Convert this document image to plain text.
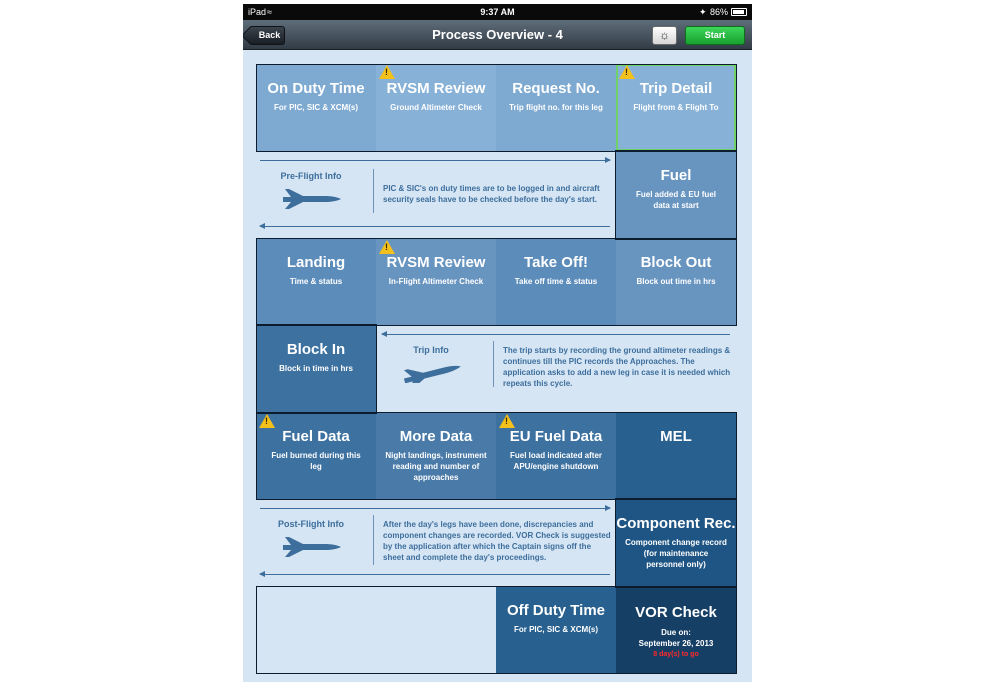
iPad ≈	9:37 AM	✦ 86%
Back	Process Overview - 4	☼	Start
On Duty Time
For PIC, SIC & XCM(s)
RVSM Review
Ground Altimeter Check
Request No.
Trip flight no. for this leg
Trip Detail
Flight from & Flight To
!
!
Pre-Flight Info
PIC & SIC's on duty times are to be logged in and aircraft security seals have to be checked before the day's start.
Fuel
Fuel added & EU fuel data at start
Landing
Time & status
RVSM Review
In-Flight Altimeter Check
Take Off!
Take off time & status
Block Out
Block out time in hrs
!
Block In
Block in time in hrs
Trip Info	The trip starts by recording the ground altimeter readings & continues till the PIC records the Approaches. The application asks to add a new leg in case it is needed which repeats this cycle.
Fuel Data
Fuel burned during this leg
More Data
Night landings, instrument reading and number of approaches
EU Fuel Data
Fuel load indicated after APU/engine shutdown
MEL
!
!
Post-Flight Info	After the day's legs have been done, discrepancies and component changes are recorded. VOR Check is suggested by the application after which the Captain signs off the sheet and complete the day's proceedings.
Component Rec.
Component change record (for maintenance personnel only)
Off Duty Time
For PIC, SIC & XCM(s)
VOR Check
Due on:
September 26, 2013
8 day(s) to go
